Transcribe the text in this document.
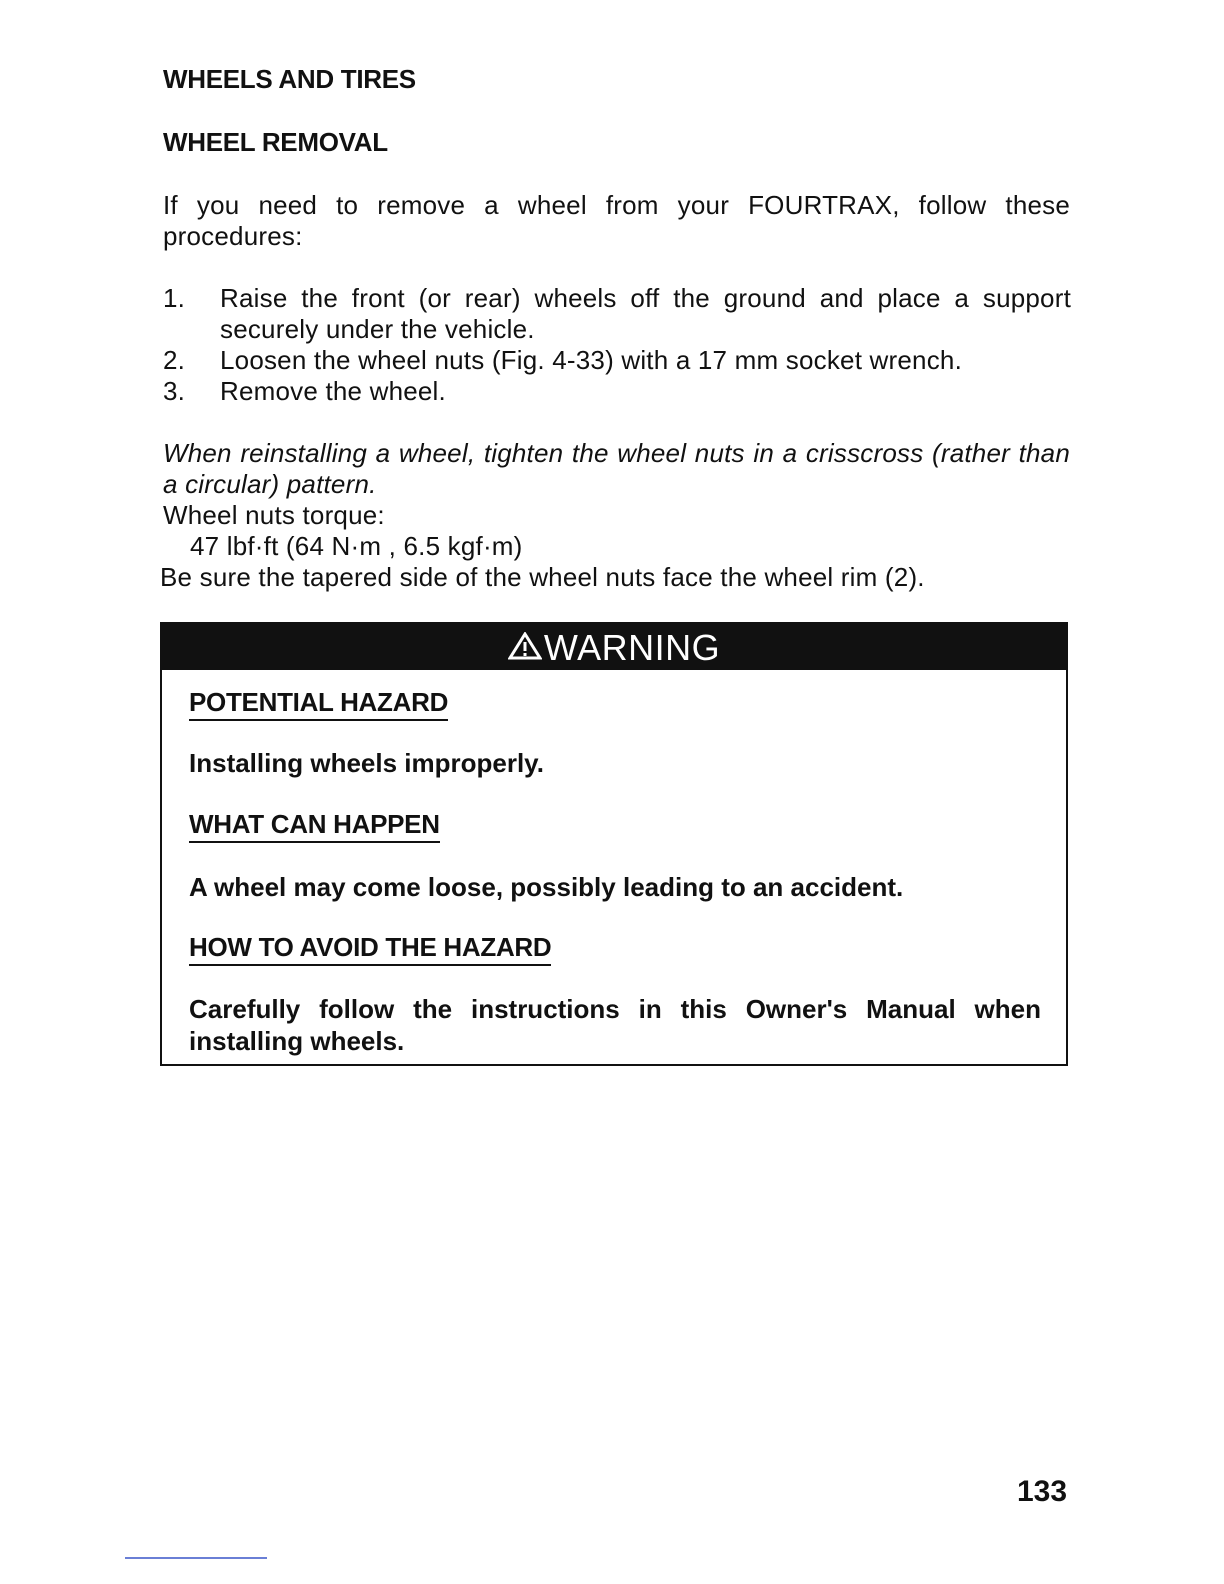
WHEELS AND TIRES
WHEEL REMOVAL
If you need to remove a wheel from your FOURTRAX, follow these procedures:
1. Raise the front (or rear) wheels off the ground and place a support securely under the vehicle.
2. Loosen the wheel nuts (Fig. 4-33) with a 17 mm socket wrench.
3. Remove the wheel.
When reinstalling a wheel, tighten the wheel nuts in a crisscross (rather than a circular) pattern.
Wheel nuts torque:
47 lbf·ft (64 N·m , 6.5 kgf·m)
Be sure the tapered side of the wheel nuts face the wheel rim (2).
WARNING
POTENTIAL HAZARD
Installing wheels improperly.
WHAT CAN HAPPEN
A wheel may come loose, possibly leading to an accident.
HOW TO AVOID THE HAZARD
Carefully follow the instructions in this Owner's Manual when installing wheels.
133
